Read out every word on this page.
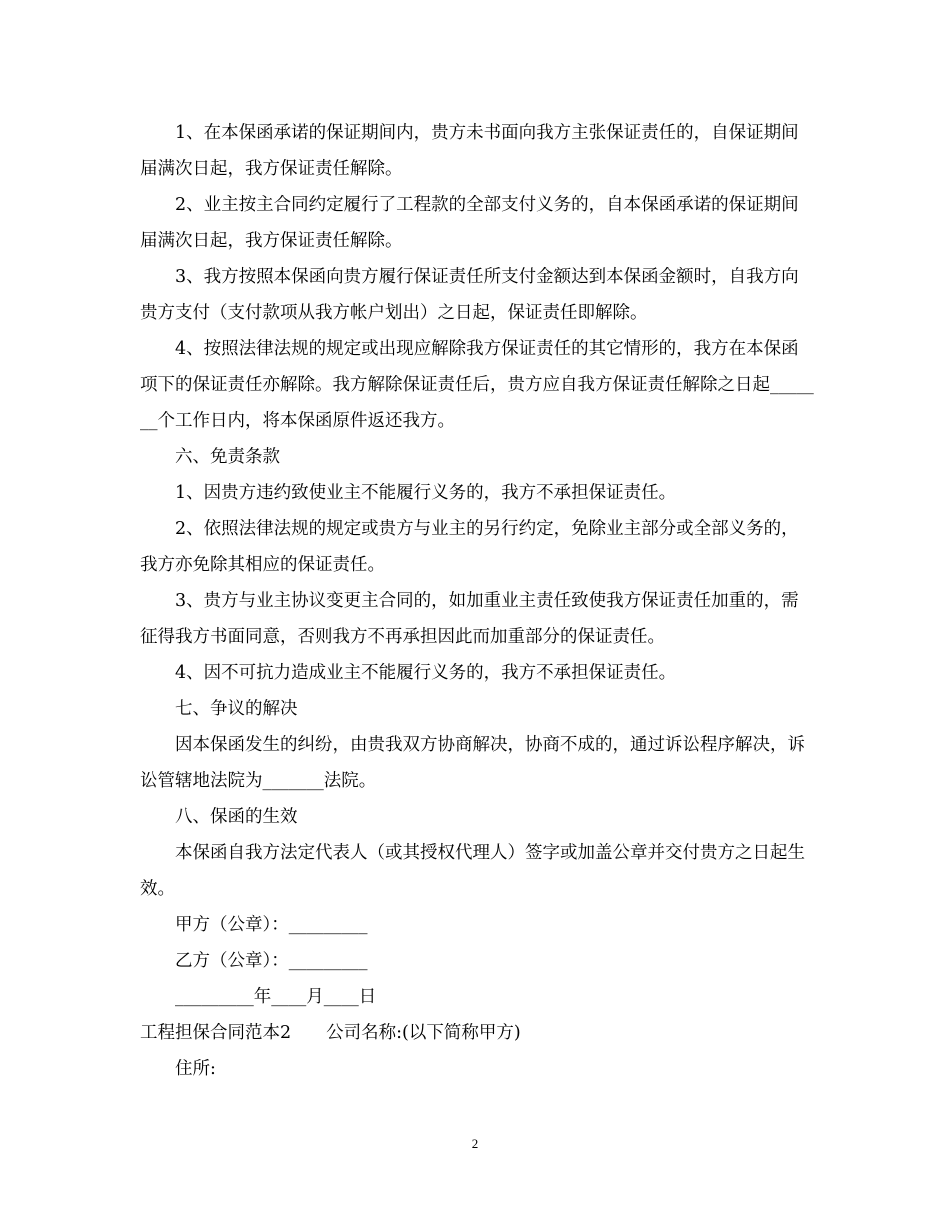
1、在本保函承诺的保证期间内，贵方未书面向我方主张保证责任的，自保证期间届满次日起，我方保证责任解除。

2、业主按主合同约定履行了工程款的全部支付义务的，自本保函承诺的保证期间届满次日起，我方保证责任解除。

3、我方按照本保函向贵方履行保证责任所支付金额达到本保函金额时，自我方向贵方支付（支付款项从我方帐户划出）之日起，保证责任即解除。

4、按照法律法规的规定或出现应解除我方保证责任的其它情形的，我方在本保函项下的保证责任亦解除。我方解除保证责任后，贵方应自我方保证责任解除之日起_______个工作日内，将本保函原件返还我方。

六、免责条款

1、因贵方违约致使业主不能履行义务的，我方不承担保证责任。

2、依照法律法规的规定或贵方与业主的另行约定，免除业主部分或全部义务的，我方亦免除其相应的保证责任。

3、贵方与业主协议变更主合同的，如加重业主责任致使我方保证责任加重的，需征得我方书面同意，否则我方不再承担因此而加重部分的保证责任。

4、因不可抗力造成业主不能履行义务的，我方不承担保证责任。

七、争议的解决

因本保函发生的纠纷，由贵我双方协商解决，协商不成的，通过诉讼程序解决，诉讼管辖地法院为_______法院。

八、保函的生效

本保函自我方法定代表人（或其授权代理人）签字或加盖公章并交付贵方之日起生效。

甲方（公章）：_________

乙方（公章）：_________

_________年____月____日

工程担保合同范本2　　公司名称:(以下简称甲方)

住所:

2
